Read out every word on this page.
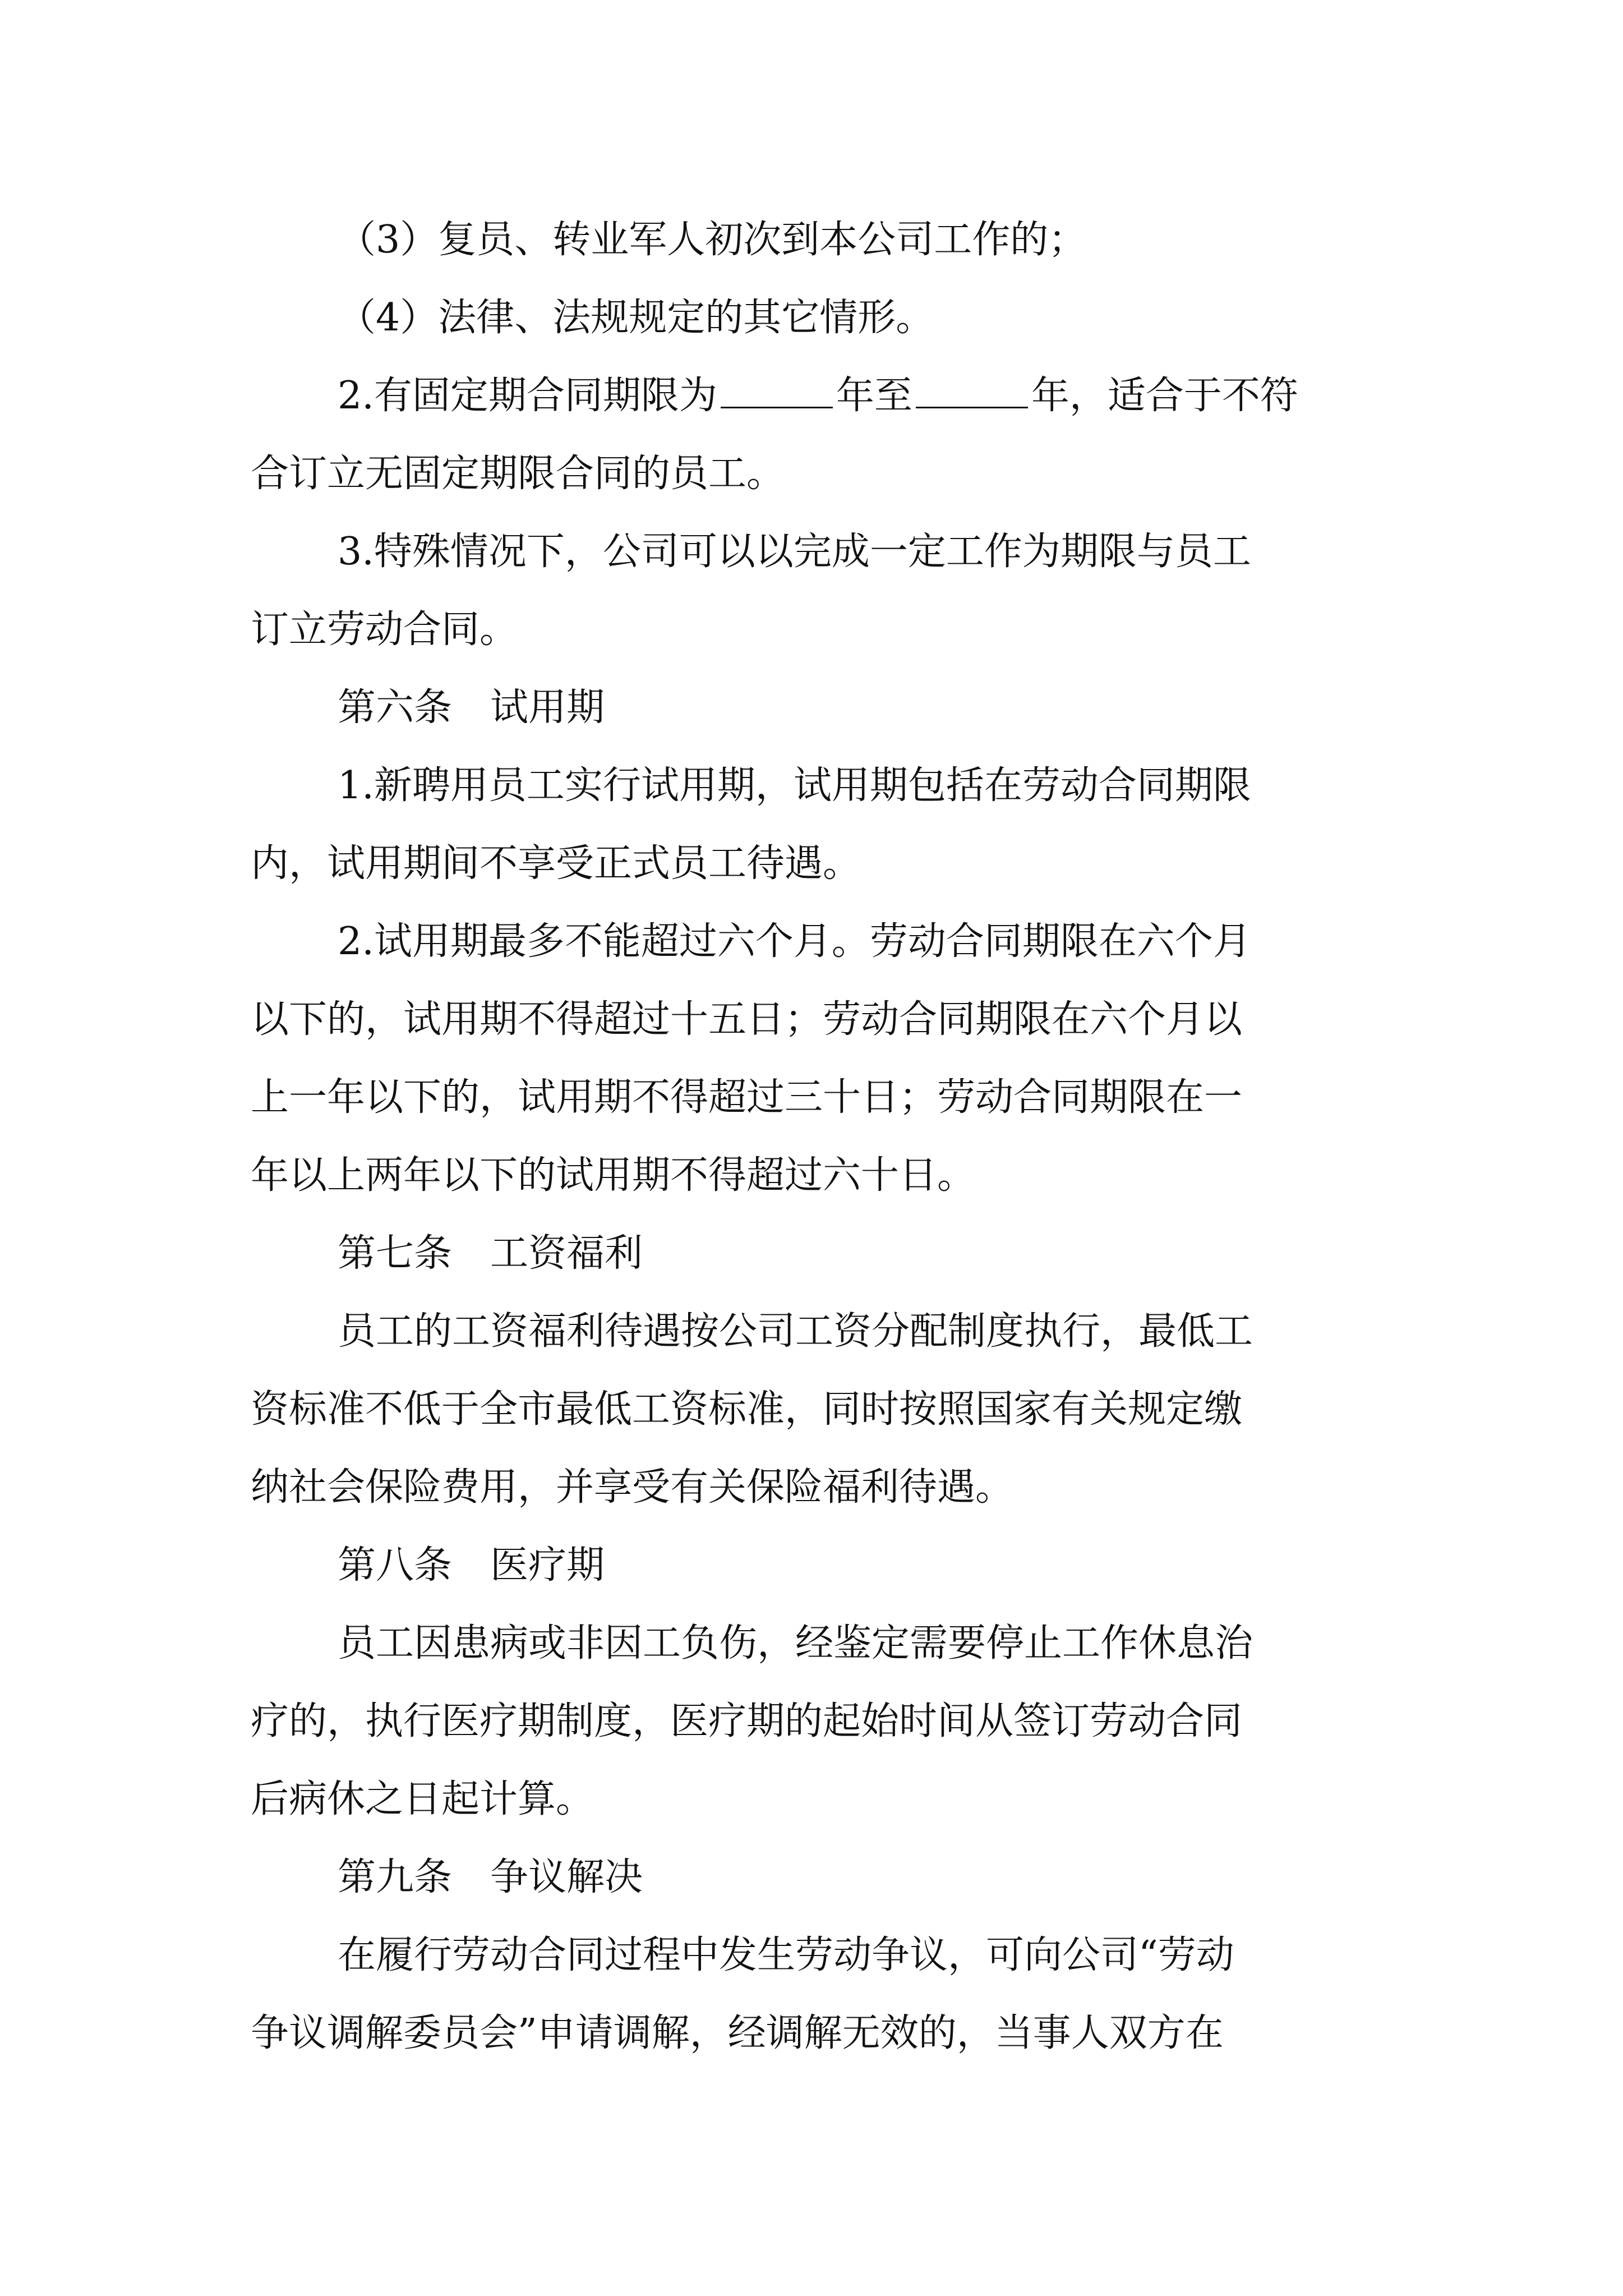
（3）复员、转业军人初次到本公司工作的；

（4）法律、法规规定的其它情形。

2.有固定期合同期限为	年至	年，适合于不符

合订立无固定期限合同的员工。

3.特殊情况下，公司可以以完成一定工作为期限与员工

订立劳动合同。

第六条 试用期

1.新聘用员工实行试用期，试用期包括在劳动合同期限

内，试用期间不享受正式员工待遇。

2.试用期最多不能超过六个月。劳动合同期限在六个月

以下的，试用期不得超过十五日；劳动合同期限在六个月以

上一年以下的，试用期不得超过三十日；劳动合同期限在一

年以上两年以下的试用期不得超过六十日。

第七条 工资福利

员工的工资福利待遇按公司工资分配制度执行，最低工

资标准不低于全市最低工资标准，同时按照国家有关规定缴

纳社会保险费用，并享受有关保险福利待遇。

第八条 医疗期

员工因患病或非因工负伤，经鉴定需要停止工作休息治

疗的，执行医疗期制度，医疗期的起始时间从签订劳动合同

后病休之日起计算。

第九条 争议解决

在履行劳动合同过程中发生劳动争议，可向公司“劳动

争议调解委员会”申请调解，经调解无效的，当事人双方在
